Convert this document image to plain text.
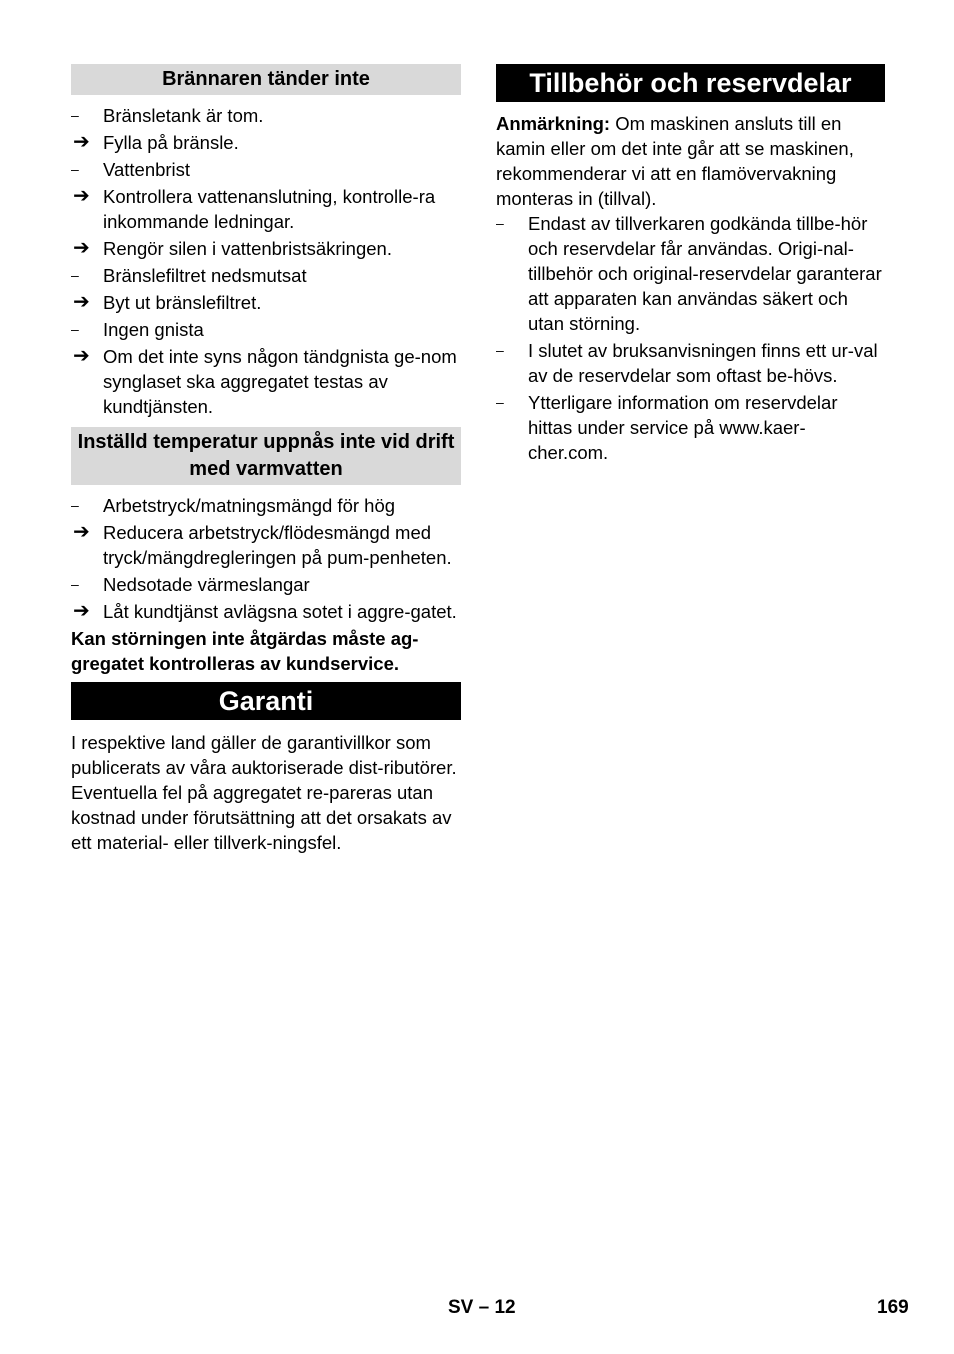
Brännaren tänder inte
–	Bränsletank är tom.
➔ Fylla på bränsle.
–	Vattenbrist
➔ Kontrollera vattenanslutning, kontrolle-ra inkommande ledningar.
➔ Rengör silen i vattenbristsäkringen.
–	Bränslefiltret nedsmutsat
➔ Byt ut bränslefiltret.
–	Ingen gnista
➔ Om det inte syns någon tändgnista ge-nom synglaset ska aggregatet testas av kundtjänsten.
Inställd temperatur uppnås inte vid drift med varmvatten
–	Arbetstryck/matningsmängd för hög
➔ Reducera arbetstryck/flödesmängd med tryck/mängdregleringen på pum-penheten.
–	Nedsotade värmeslangar
➔ Låt kundtjänst avlägsna sotet i aggre-gatet.

Kan störningen inte åtgärdas måste ag-gregatet kontrolleras av kundservice.

Garanti

I respektive land gäller de garantivillkor som publicerats av våra auktoriserade dist-ributörer. Eventuella fel på aggregatet re-pareras utan kostnad under förutsättning att det orsakats av ett material- eller tillverk-ningsfel.

Tillbehör och reservdelar

Anmärkning: Om maskinen ansluts till en kamin eller om det inte går att se maskinen, rekommenderar vi att en flamövervakning monteras in (tillval).

–	Endast av tillverkaren godkända tillbe-hör och reservdelar får användas. Origi-nal-tillbehör och original-reservdelar garanterar att apparaten kan användas säkert och utan störning.
–	I slutet av bruksanvisningen finns ett ur-val av de reservdelar som oftast be-hövs.
–	Ytterligare information om reservdelar hittas under service på www.kaer-cher.com.
SV – 12	169
